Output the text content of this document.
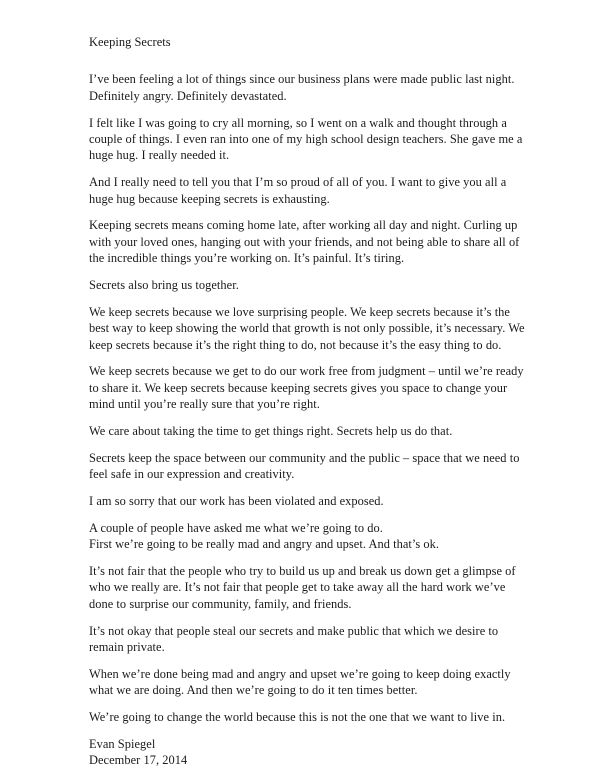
Keeping Secrets
I’ve been feeling a lot of things since our business plans were made public last night. Definitely angry. Definitely devastated.
I felt like I was going to cry all morning, so I went on a walk and thought through a couple of things. I even ran into one of my high school design teachers. She gave me a huge hug. I really needed it.
And I really need to tell you that I’m so proud of all of you. I want to give you all a huge hug because keeping secrets is exhausting.
Keeping secrets means coming home late, after working all day and night. Curling up with your loved ones, hanging out with your friends, and not being able to share all of the incredible things you’re working on. It’s painful. It’s tiring.
Secrets also bring us together.
We keep secrets because we love surprising people. We keep secrets because it’s the best way to keep showing the world that growth is not only possible, it’s necessary. We keep secrets because it’s the right thing to do, not because it’s the easy thing to do.
We keep secrets because we get to do our work free from judgment – until we’re ready to share it. We keep secrets because keeping secrets gives you space to change your mind until you’re really sure that you’re right.
We care about taking the time to get things right. Secrets help us do that.
Secrets keep the space between our community and the public – space that we need to feel safe in our expression and creativity.
I am so sorry that our work has been violated and exposed.
A couple of people have asked me what we’re going to do.
First we’re going to be really mad and angry and upset. And that’s ok.
It’s not fair that the people who try to build us up and break us down get a glimpse of who we really are. It’s not fair that people get to take away all the hard work we’ve done to surprise our community, family, and friends.
It’s not okay that people steal our secrets and make public that which we desire to remain private.
When we’re done being mad and angry and upset we’re going to keep doing exactly what we are doing. And then we’re going to do it ten times better.
We’re going to change the world because this is not the one that we want to live in.
Evan Spiegel
December 17, 2014
